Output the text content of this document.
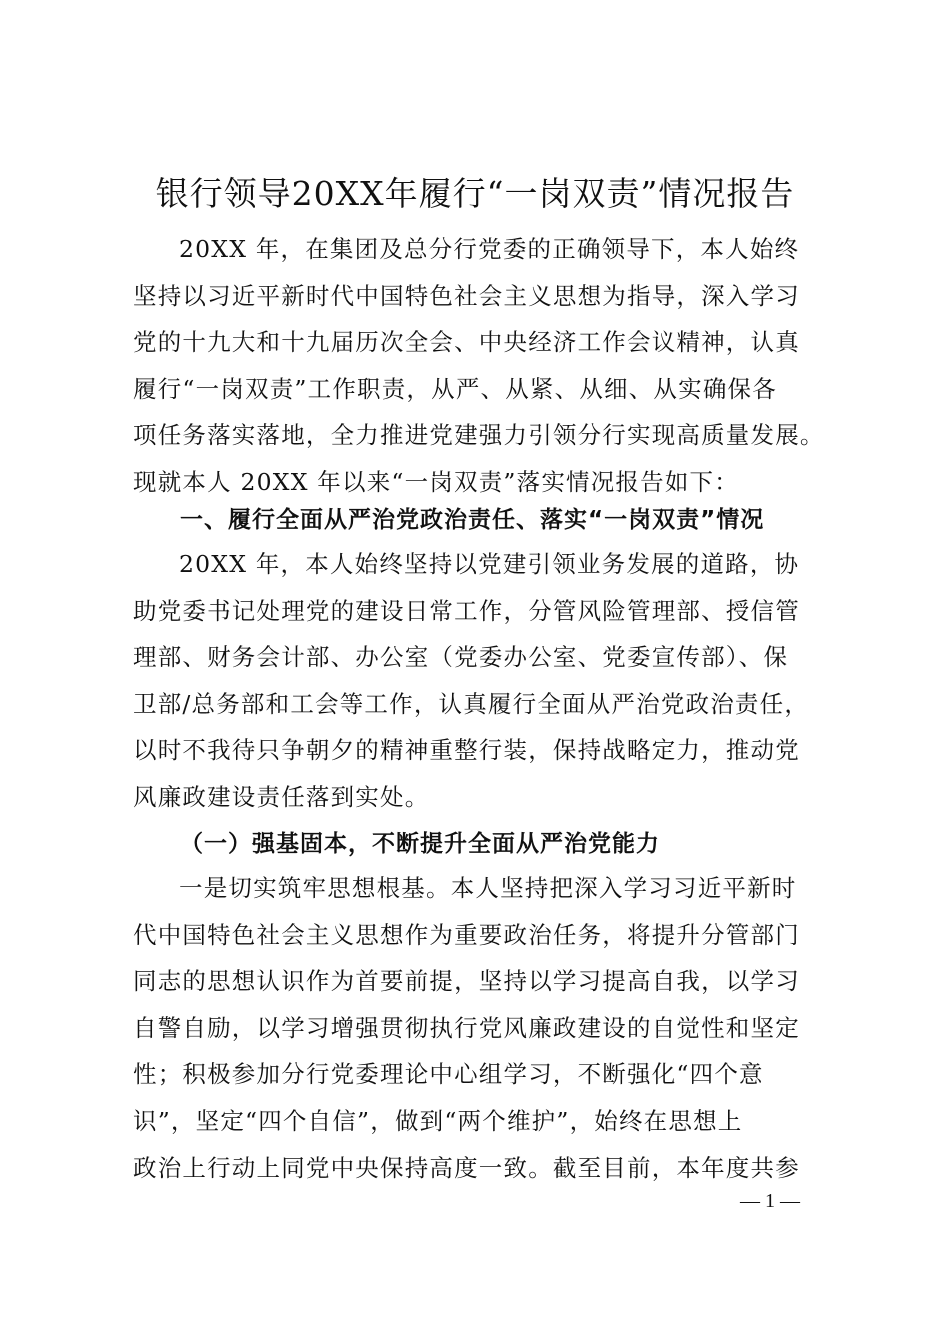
银行领导20XX年履行“一岗双责”情况报告
20XX 年，在集团及总分行党委的正确领导下，本人始终
坚持以习近平新时代中国特色社会主义思想为指导，深入学习
党的十九大和十九届历次全会、中央经济工作会议精神，认真
履行“一岗双责”工作职责，从严、从紧、从细、从实确保各
项任务落实落地，全力推进党建强力引领分行实现高质量发展。
现就本人 20XX 年以来“一岗双责”落实情况报告如下：
一、履行全面从严治党政治责任、落实“一岗双责”情况
20XX 年，本人始终坚持以党建引领业务发展的道路，协
助党委书记处理党的建设日常工作，分管风险管理部、授信管
理部、财务会计部、办公室（党委办公室、党委宣传部）、保
卫部/总务部和工会等工作，认真履行全面从严治党政治责任，
以时不我待只争朝夕的精神重整行装，保持战略定力，推动党
风廉政建设责任落到实处。
（一）强基固本，不断提升全面从严治党能力
一是切实筑牢思想根基。本人坚持把深入学习习近平新时
代中国特色社会主义思想作为重要政治任务，将提升分管部门
同志的思想认识作为首要前提，坚持以学习提高自我，以学习
自警自励，以学习增强贯彻执行党风廉政建设的自觉性和坚定
性；积极参加分行党委理论中心组学习，不断强化“四个意
识”，坚定“四个自信”，做到“两个维护”，始终在思想上
政治上行动上同党中央保持高度一致。截至目前，本年度共参
— 1 —
